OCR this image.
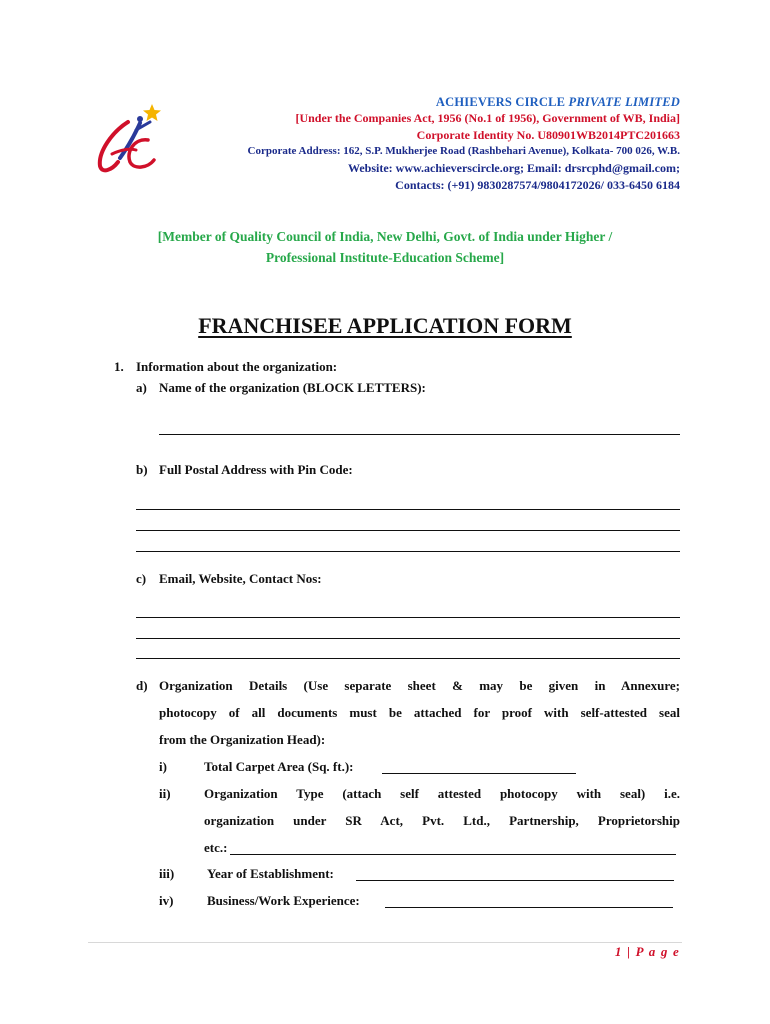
ACHIEVERS CIRCLE PRIVATE LIMITED
[Under the Companies Act, 1956 (No.1 of 1956), Government of WB, India]
Corporate Identity No. U80901WB2014PTC201663
Corporate Address: 162, S.P. Mukherjee Road (Rashbehari Avenue), Kolkata- 700 026, W.B.
Website: www.achieverscircle.org; Email: drsrcphd@gmail.com;
Contacts: (+91) 9830287574/9804172026/ 033-6450 6184
[Member of Quality Council of India, New Delhi, Govt. of India under Higher /
Professional Institute-Education Scheme]
FRANCHISEE APPLICATION FORM
1. Information about the organization:
a) Name of the organization (BLOCK LETTERS):
b) Full Postal Address with Pin Code:
c) Email, Website, Contact Nos:
d) Organization Details (Use separate sheet & may be given in Annexure;
photocopy of all documents must be attached for proof with self-attested seal
from the Organization Head):
i)	Total Carpet Area (Sq. ft.):
ii)	Organization Type (attach self attested photocopy with seal) i.e.
organization under SR Act, Pvt. Ltd., Partnership, Proprietorship
etc.:
iii)	Year of Establishment:
iv)	Business/Work Experience:
1 | P a g e
